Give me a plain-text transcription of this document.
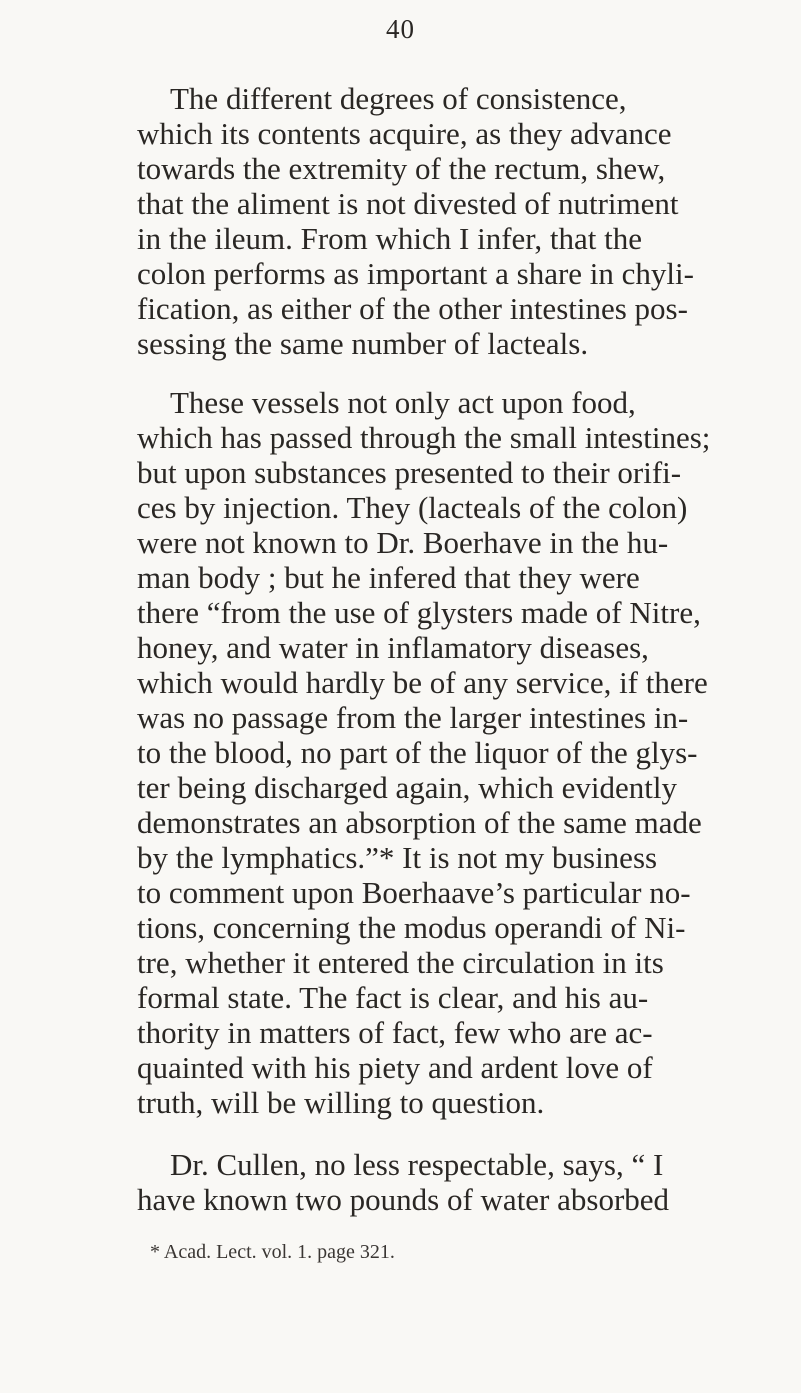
40
The different degrees of consistence,
which its contents acquire, as they advance
towards the extremity of the rectum, shew,
that the aliment is not divested of nutriment
in the ileum. From which I infer, that the
colon performs as important a share in chyli-
fication, as either of the other intestines pos-
sessing the same number of lacteals.
These vessels not only act upon food,
which has passed through the small intestines;
but upon substances presented to their orifi-
ces by injection. They (lacteals of the colon)
were not known to Dr. Boerhave in the hu-
man body ; but he infered that they were
there “from the use of glysters made of Nitre,
honey, and water in inflamatory diseases,
which would hardly be of any service, if there
was no passage from the larger intestines in-
to the blood, no part of the liquor of the glys-
ter being discharged again, which evidently
demonstrates an absorption of the same made
by the lymphatics.”* It is not my business
to comment upon Boerhaave’s particular no-
tions, concerning the modus operandi of Ni-
tre, whether it entered the circulation in its
formal state. The fact is clear, and his au-
thority in matters of fact, few who are ac-
quainted with his piety and ardent love of
truth, will be willing to question.
Dr. Cullen, no less respectable, says, “ I
have known two pounds of water absorbed
* Acad. Lect. vol. 1. page 321.
